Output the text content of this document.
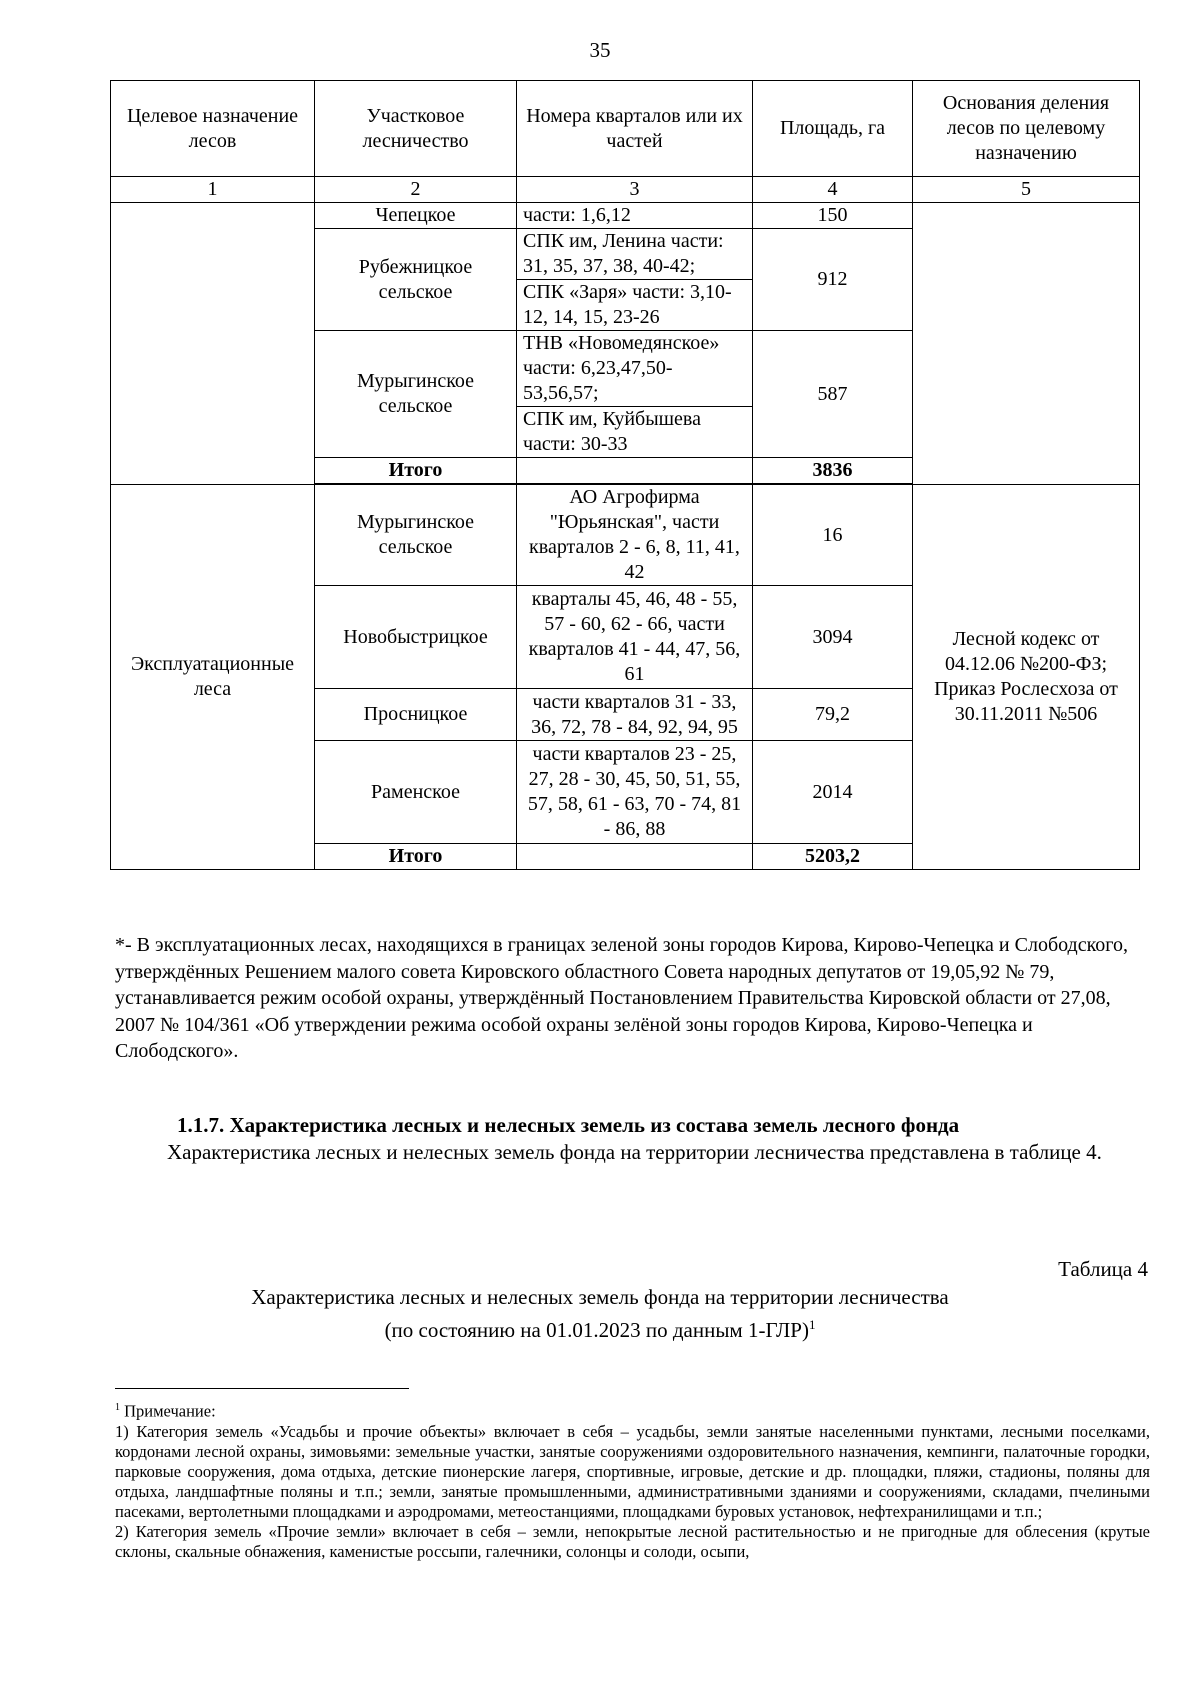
35
Целевое назначение лесов	Участковое лесничество	Номера кварталов или их частей	Площадь, га	Основания деления лесов по целевому назначению
1	2	3	4	5
	Чепецкое	части: 1,6,12	150	
	Рубежницкое сельское	СПК им, Ленина части: 31, 35, 37, 38, 40-42;	912	
		СПК «Заря» части: 3,10-12, 14, 15, 23-26		
	Мурыгинское сельское	ТНВ «Новомедянское» части: 6,23,47,50-53,56,57;	587	
		СПК им, Куйбышева части: 30-33		
	Итого		3836	

Эксплуатационные леса	Мурыгинское сельское	АО Агрофирма "Юрьянская", части кварталов 2 - 6, 8, 11, 41, 42	16	Лесной кодекс от 04.12.06 №200-ФЗ; Приказ Рослесхоза от 30.11.2011 №506
	Новобыстрицкое	кварталы 45, 46, 48 - 55, 57 - 60, 62 - 66, части кварталов 41 - 44, 47, 56, 61	3094	
	Просницкое	части кварталов 31 - 33, 36, 72, 78 - 84, 92, 94, 95	79,2	
	Раменское	части кварталов 23 - 25, 27, 28 - 30, 45, 50, 51, 55, 57, 58, 61 - 63, 70 - 74, 81 - 86, 88	2014	
	Итого		5203,2	
*- В эксплуатационных лесах, находящихся в границах зеленой зоны городов Кирова, Кирово-Чепецка и Слободского, утверждённых Решением малого совета Кировского областного Совета народных депутатов от 19,05,92 № 79, устанавливается режим особой охраны, утверждённый Постановлением Правительства Кировской области от 27,08, 2007 № 104/361 «Об утверждении режима особой охраны зелёной зоны городов Кирова, Кирово-Чепецка и Слободского».
1.1.7. Характеристика лесных и нелесных земель из состава земель лесного фонда
Характеристика лесных и нелесных земель фонда на территории лесничества представлена в таблице 4.
Таблица 4
Характеристика лесных и нелесных земель фонда на территории лесничества
(по состоянию на 01.01.2023 по данным 1-ГЛР)$^1$

$^1$ Примечание:

1) Категория земель «Усадьбы и прочие объекты» включает в себя – усадьбы, земли занятые населенными пунктами, лесными поселками, кордонами лесной охраны, зимовьями: земельные участки, занятые сооружениями оздоровительного назначения, кемпинги, палаточные городки, парковые сооружения, дома отдыха, детские пионерские лагеря, спортивные, игровые, детские и др. площадки, пляжи, стадионы, поляны для отдыха, ландшафтные поляны и т.п.; земли, занятые промышленными, административными зданиями и сооружениями, складами, пчелиными пасеками, вертолетными площадками и аэродромами, метеостанциями, площадками буровых установок, нефтехранилищами и т.п.;

2) Категория земель «Прочие земли» включает в себя – земли, непокрытые лесной растительностью и не пригодные для облесения (крутые склоны, скальные обнажения, каменистые россыпи, галечники, солонцы и солоди, осыпи,
